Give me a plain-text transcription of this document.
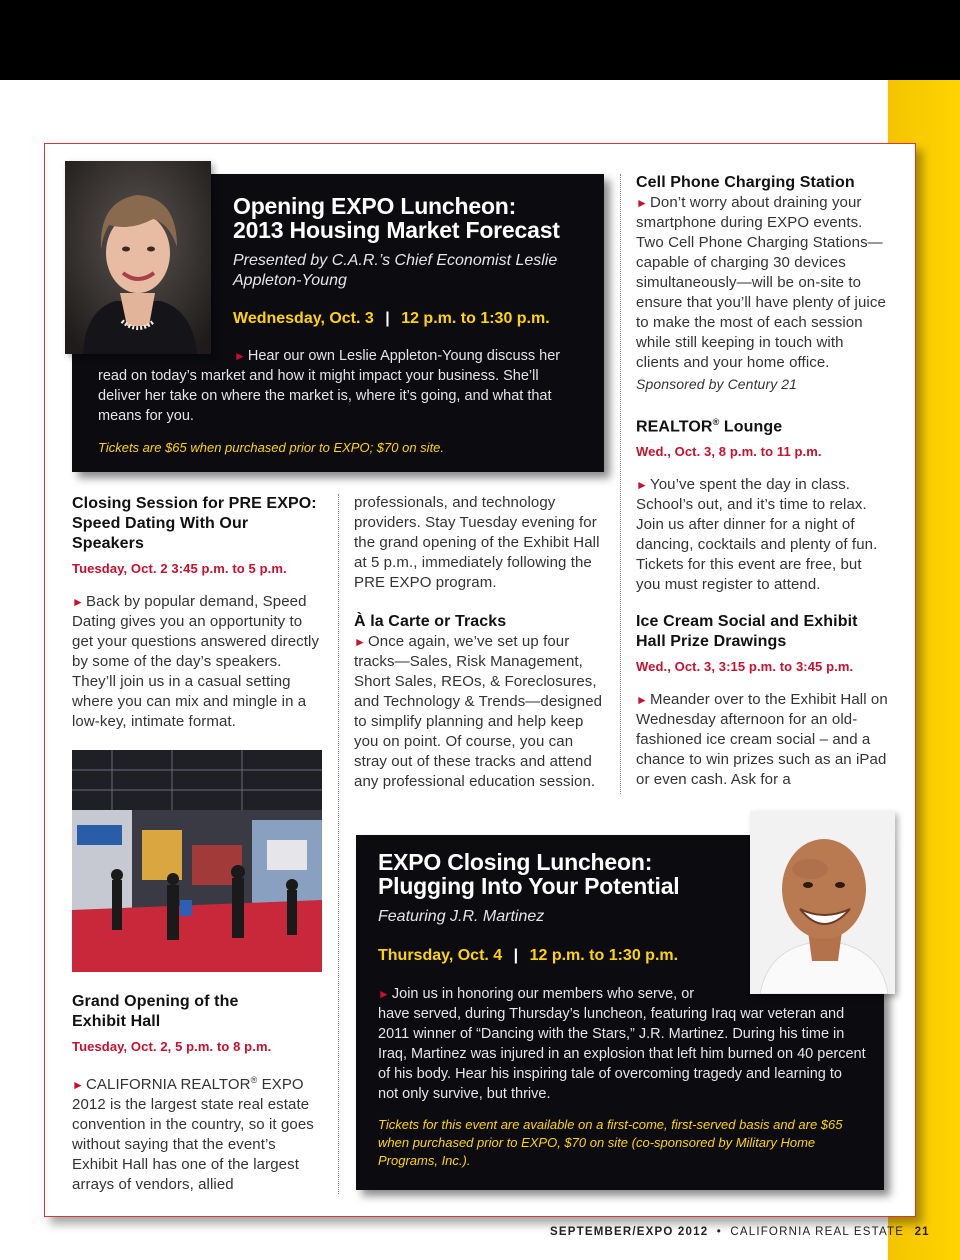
Opening EXPO Luncheon:
2013 Housing Market Forecast
Presented by C.A.R.’s Chief Economist Leslie
Appleton-Young
Wednesday, Oct. 3 | 12 p.m. to 1:30 p.m.
► Hear our own Leslie Appleton-Young discuss her
read on today’s market and how it might impact your business. She’ll
deliver her take on where the market is, where it’s going, and what that
means for you.
Tickets are $65 when purchased prior to EXPO; $70 on site.
Cell Phone Charging Station

► Don’t worry about draining your smartphone during EXPO events. Two Cell Phone Charging Stations—capable of charging 30 devices simultaneously—will be on-site to ensure that you’ll have plenty of juice to make the most of each session while still keeping in touch with clients and your home office.

Sponsored by Century 21

REALTOR® Lounge
Wed., Oct. 3, 8 p.m. to 11 p.m.

► You’ve spent the day in class. School’s out, and it’s time to relax. Join us after dinner for a night of dancing, cocktails and plenty of fun. Tickets for this event are free, but you must register to attend.

Ice Cream Social and Exhibit Hall Prize Drawings
Wed., Oct. 3, 3:15 p.m. to 3:45 p.m.

► Meander over to the Exhibit Hall on Wednesday afternoon for an old-fashioned ice cream social – and a chance to win prizes such as an iPad or even cash. Ask for a

Closing Session for PRE EXPO: Speed Dating With Our Speakers
Tuesday, Oct. 2 3:45 p.m. to 5 p.m.

► Back by popular demand, Speed Dating gives you an opportunity to get your questions answered directly by some of the day’s speakers. They’ll join us in a casual setting where you can mix and mingle in a low-key, intimate format.

Grand Opening of the Exhibit Hall
Tuesday, Oct. 2, 5 p.m. to 8 p.m.

► CALIFORNIA REALTOR® EXPO 2012 is the largest state real estate convention in the country, so it goes without saying that the event’s Exhibit Hall has one of the largest arrays of vendors, allied

professionals, and technology providers. Stay Tuesday evening for the grand opening of the Exhibit Hall at 5 p.m., immediately following the PRE EXPO program.

À la Carte or Tracks

► Once again, we’ve set up four tracks—Sales, Risk Management, Short Sales, REOs, & Foreclosures, and Technology & Trends—designed to simplify planning and help keep you on point. Of course, you can stray out of these tracks and attend any professional education session.

EXPO Closing Luncheon:
Plugging Into Your Potential
Featuring J.R. Martinez
Thursday, Oct. 4 | 12 p.m. to 1:30 p.m.
► Join us in honoring our members who serve, or
have served, during Thursday’s luncheon, featuring Iraq war veteran and 2011 winner of “Dancing with the Stars,” J.R. Martinez. During his time in Iraq, Martinez was injured in an explosion that left him burned on 40 percent of his body. Hear his inspiring tale of overcoming tragedy and learning to not only survive, but thrive.
Tickets for this event are available on a first-come, first-served basis and are $65 when purchased prior to EXPO, $70 on site (co-sponsored by Military Home Programs, Inc.).
SEPTEMBER/EXPO 2012 • CALIFORNIA REAL ESTATE 21
